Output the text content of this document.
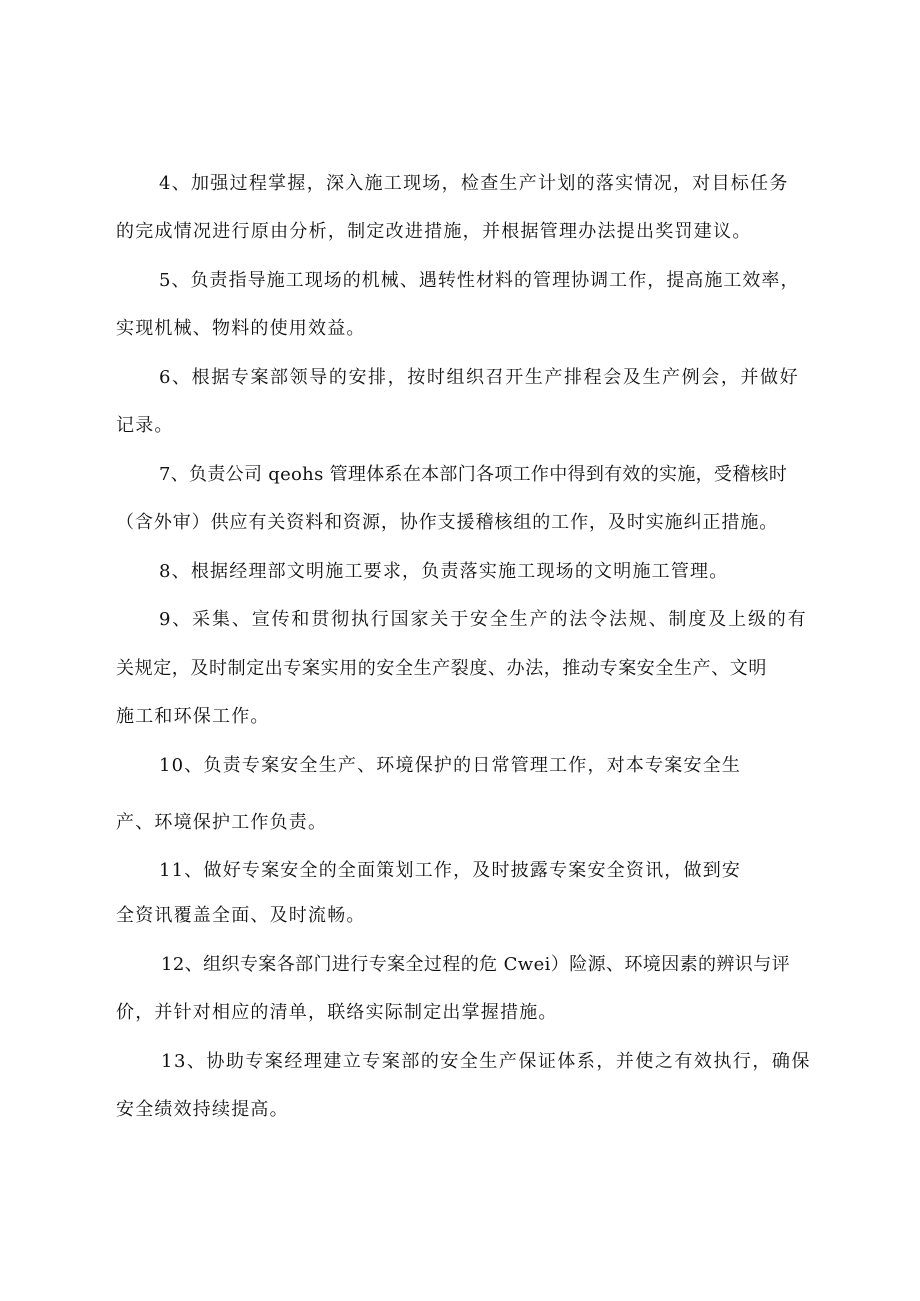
4、加强过程掌握，深入施工现场，检查生产计划的落实情况，对目标任务

的完成情况进行原由分析，制定改进措施，并根据管理办法提出奖罚建议。

5、负责指导施工现场的机械、遇转性材料的管理协调工作，提高施工效率，

实现机械、物料的使用效益。

6、根据专案部领导的安排，按时组织召开生产排程会及生产例会，并做好

记录。

7、负责公司 qeohs 管理体系在本部门各项工作中得到有效的实施，受稽核时

（含外审）供应有关资料和资源，协作支援稽核组的工作，及时实施纠正措施。

8、根据经理部文明施工要求，负责落实施工现场的文明施工管理。

9、采集、宣传和贯彻执行国家关于安全生产的法令法规、制度及上级的有

关规定，及时制定出专案实用的安全生产裂度、办法，推动专案安全生产、文明

施工和环保工作。

10、负责专案安全生产、环境保护的日常管理工作，对本专案安全生

产、环境保护工作负责。

11、做好专案安全的全面策划工作，及时披露专案安全资讯，做到安

全资讯覆盖全面、及时流畅。

12、组织专案各部门进行专案全过程的危 Cwei）险源、环境因素的辨识与评

价，并针对相应的清单，联络实际制定出掌握措施。

13、协助专案经理建立专案部的安全生产保证体系，并使之有效执行，确保

安全绩效持续提高。
